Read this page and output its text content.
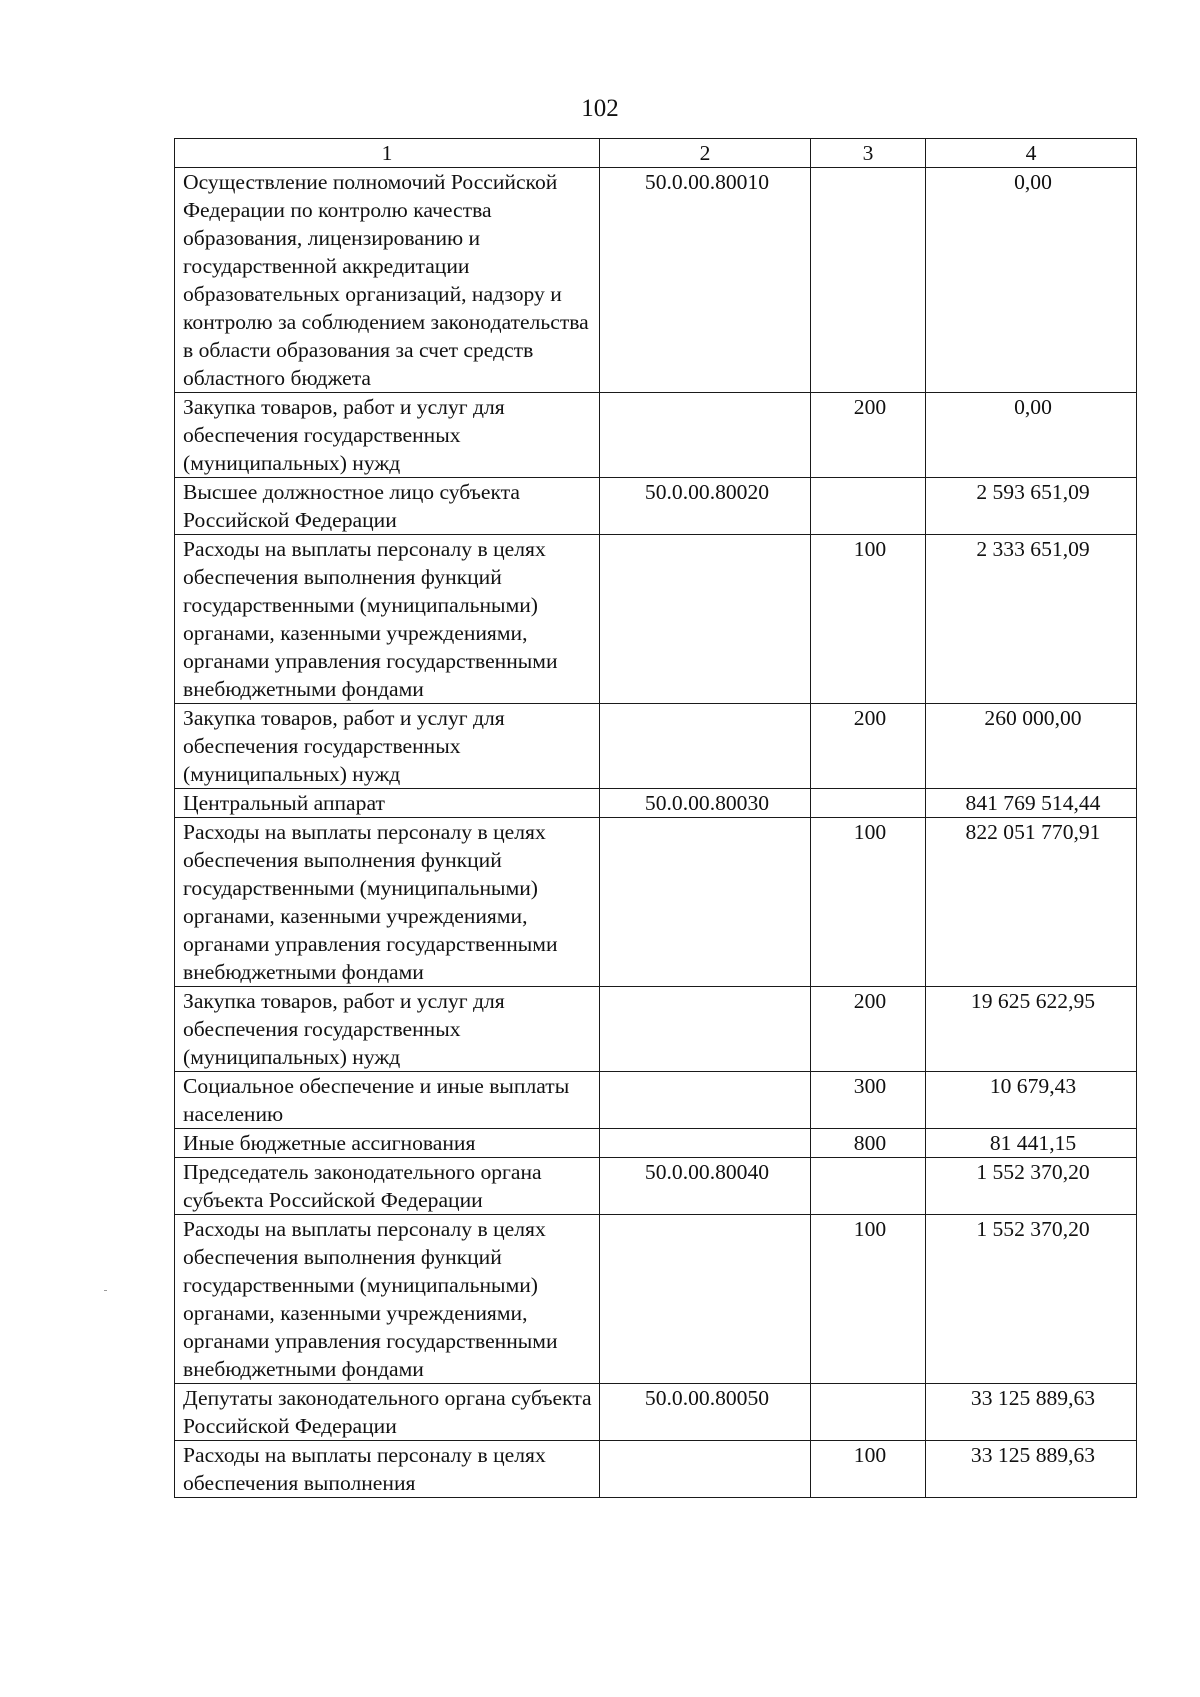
102
1	2	3	4
Осуществление полномочий Российской Федерации по контролю качества образования, лицензированию и государственной аккредитации образовательных организаций, надзору и контролю за соблюдением законодательства в области образования за счет средств областного бюджета	50.0.00.80010		0,00
Закупка товаров, работ и услуг для обеспечения государственных (муниципальных) нужд		200	0,00
Высшее должностное лицо субъекта Российской Федерации	50.0.00.80020		2 593 651,09
Расходы на выплаты персоналу в целях обеспечения выполнения функций государственными (муниципальными) органами, казенными учреждениями, органами управления государственными внебюджетными фондами		100	2 333 651,09
Закупка товаров, работ и услуг для обеспечения государственных (муниципальных) нужд		200	260 000,00
Центральный аппарат	50.0.00.80030		841 769 514,44
Расходы на выплаты персоналу в целях обеспечения выполнения функций государственными (муниципальными) органами, казенными учреждениями, органами управления государственными внебюджетными фондами		100	822 051 770,91
Закупка товаров, работ и услуг для обеспечения государственных (муниципальных) нужд		200	19 625 622,95
Социальное обеспечение и иные выплаты населению		300	10 679,43
Иные бюджетные ассигнования		800	81 441,15
Председатель законодательного органа субъекта Российской Федерации	50.0.00.80040		1 552 370,20
Расходы на выплаты персоналу в целях обеспечения выполнения функций государственными (муниципальными) органами, казенными учреждениями, органами управления государственными внебюджетными фондами		100	1 552 370,20
Депутаты законодательного органа субъекта Российской Федерации	50.0.00.80050		33 125 889,63
Расходы на выплаты персоналу в целях обеспечения выполнения		100	33 125 889,63
